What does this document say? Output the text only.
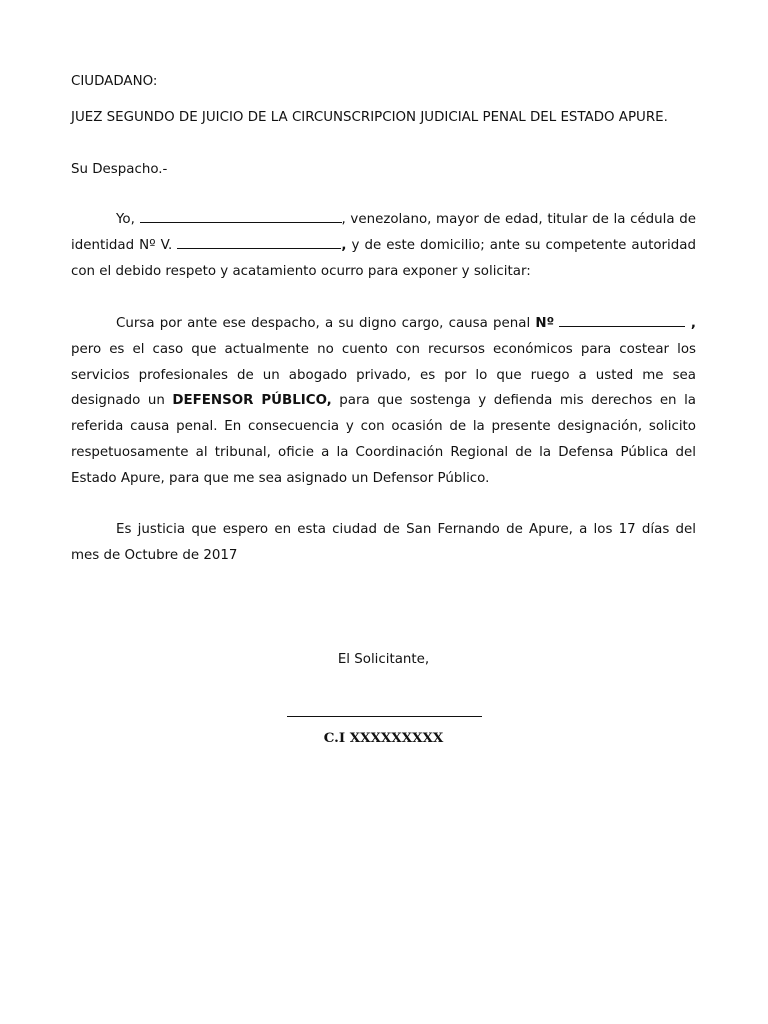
CIUDADANO:

JUEZ SEGUNDO DE JUICIO DE LA CIRCUNSCRIPCION JUDICIAL PENAL DEL ESTADO APURE.

Su Despacho.-

Yo,	, venezolano, mayor de edad, titular de la cédula de identidad Nº V.	, y de este domicilio; ante su competente autoridad con el debido respeto y acatamiento ocurro para exponer y solicitar:

Cursa por ante ese despacho, a su digno cargo, causa penal Nº	, pero es el caso que actualmente no cuento con recursos económicos para costear los servicios profesionales de un abogado privado, es por lo que ruego a usted me sea designado un DEFENSOR PÚBLICO, para que sostenga y defienda mis derechos en la referida causa penal. En consecuencia y con ocasión de la presente designación, solicito respetuosamente al tribunal, oficie a la Coordinación Regional de la Defensa Pública del Estado Apure, para que me sea asignado un Defensor Público.

Es justicia que espero en esta ciudad de San Fernando de Apure, a los 17 días del mes de Octubre de 2017

El Solicitante,

C.I XXXXXXXXX
